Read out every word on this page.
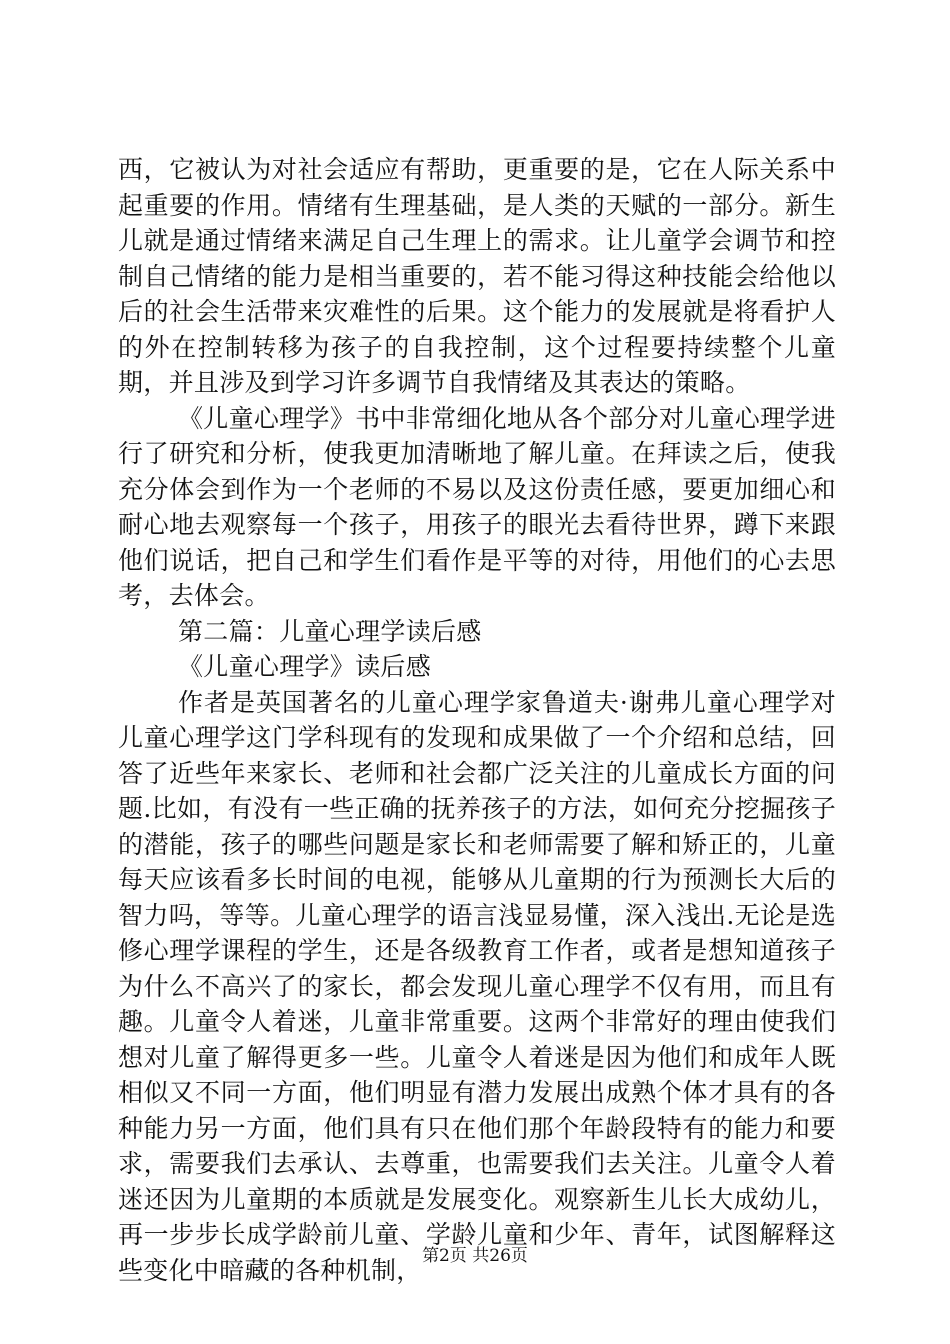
西，它被认为对社会适应有帮助，更重要的是，它在人际关系中起重要的作用。情绪有生理基础，是人类的天赋的一部分。新生儿就是通过情绪来满足自己生理上的需求。让儿童学会调节和控制自己情绪的能力是相当重要的，若不能习得这种技能会给他以后的社会生活带来灾难性的后果。这个能力的发展就是将看护人的外在控制转移为孩子的自我控制，这个过程要持续整个儿童期，并且涉及到学习许多调节自我情绪及其表达的策略。

《儿童心理学》书中非常细化地从各个部分对儿童心理学进行了研究和分析，使我更加清晰地了解儿童。在拜读之后，使我充分体会到作为一个老师的不易以及这份责任感，要更加细心和耐心地去观察每一个孩子，用孩子的眼光去看待世界，蹲下来跟他们说话，把自己和学生们看作是平等的对待，用他们的心去思考，去体会。

第二篇：儿童心理学读后感

《儿童心理学》读后感

作者是英国著名的儿童心理学家鲁道夫·谢弗儿童心理学对儿童心理学这门学科现有的发现和成果做了一个介绍和总结，回答了近些年来家长、老师和社会都广泛关注的儿童成长方面的问题.比如，有没有一些正确的抚养孩子的方法，如何充分挖掘孩子的潜能，孩子的哪些问题是家长和老师需要了解和矫正的，儿童每天应该看多长时间的电视，能够从儿童期的行为预测长大后的智力吗，等等。儿童心理学的语言浅显易懂，深入浅出.无论是选修心理学课程的学生，还是各级教育工作者，或者是想知道孩子为什么不高兴了的家长，都会发现儿童心理学不仅有用，而且有趣。儿童令人着迷，儿童非常重要。这两个非常好的理由使我们想对儿童了解得更多一些。儿童令人着迷是因为他们和成年人既相似又不同一方面，他们明显有潜力发展出成熟个体才具有的各种能力另一方面，他们具有只在他们那个年龄段特有的能力和要求，需要我们去承认、去尊重，也需要我们去关注。儿童令人着迷还因为儿童期的本质就是发展变化。观察新生儿长大成幼儿，再一步步长成学龄前儿童、学龄儿童和少年、青年，试图解释这些变化中暗藏的各种机制， 第2页 共26页
